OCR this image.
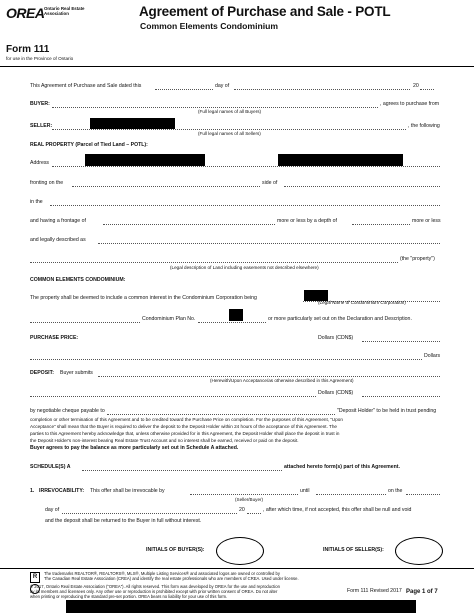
OREA Ontario Real Estate
Association	Agreement of Purchase and Sale - POTL
Common Elements Condominium
Form 111
for use in the Province of Ontario
This Agreement of Purchase and Sale dated this	day of	20
BUYER:	, agrees to purchase from
(Full legal names of all Buyers)
SELLER:	, the following
(Full legal names of all Sellers)
REAL PROPERTY (Parcel of Tied Land – POTL):
Address
fronting on the	side of
in the
and having a frontage of	more or less by a depth of	more or less
and legally described as
(the "property")
(Legal description of Land including easements not described elsewhere)
COMMON ELEMENTS CONDOMINIUM:
The property shall be deemed to include a common interest in the Condominium Corporation being
(Legal Name of Condominium Corporation)
Condominium Plan No.	or more particularly set out on the Declaration and Description.
PURCHASE PRICE:	Dollars (CDN$)
Dollars
DEPOSIT: Buyer submits
(Herewith/Upon Acceptance/as otherwise described in this Agreement)
Dollars (CDN$)
by negotiable cheque payable to	"Deposit Holder" to be held in trust pending
completion or other termination of this Agreement and to be credited toward the Purchase Price on completion. For the purposes of this Agreement, "Upon
Acceptance" shall mean that the Buyer is required to deliver the deposit to the Deposit Holder within 24 hours of the acceptance of this Agreement. The
parties to this Agreement hereby acknowledge that, unless otherwise provided for in this Agreement, the Deposit Holder shall place the deposit in trust in
the Deposit Holder's non-interest bearing Real Estate Trust Account and no interest shall be earned, received or paid on the deposit.
Buyer agrees to pay the balance as more particularly set out in Schedule A attached.
SCHEDULE(S) A	attached hereto form(s) part of this Agreement.
1. IRREVOCABILITY: This offer shall be irrevocable by
(Seller/Buyer)
until	on the
day of	20	, after which time, if not accepted, this offer shall be null and void
and the deposit shall be returned to the Buyer in full without interest.
INITIALS OF BUYER(S):	INITIALS OF SELLER(S):
R
The trademarks REALTOR®, REALTORS®, MLS®, Multiple Listing Services® and associated logos are owned or controlled by
The Canadian Real Estate Association (CREA) and identify the real estate professionals who are members of CREA. Used under license.
© 2017, Ontario Real Estate Association ("OREA"). All rights reserved. This form was developed by OREA for the use and reproduction
by its members and licensees only. Any other use or reproduction is prohibited except with prior written consent of OREA. Do not alter
when printing or reproducing the standard pre-set portion. OREA bears no liability for your use of this form.
Form 111 Revised 2017 Page 1 of 7
